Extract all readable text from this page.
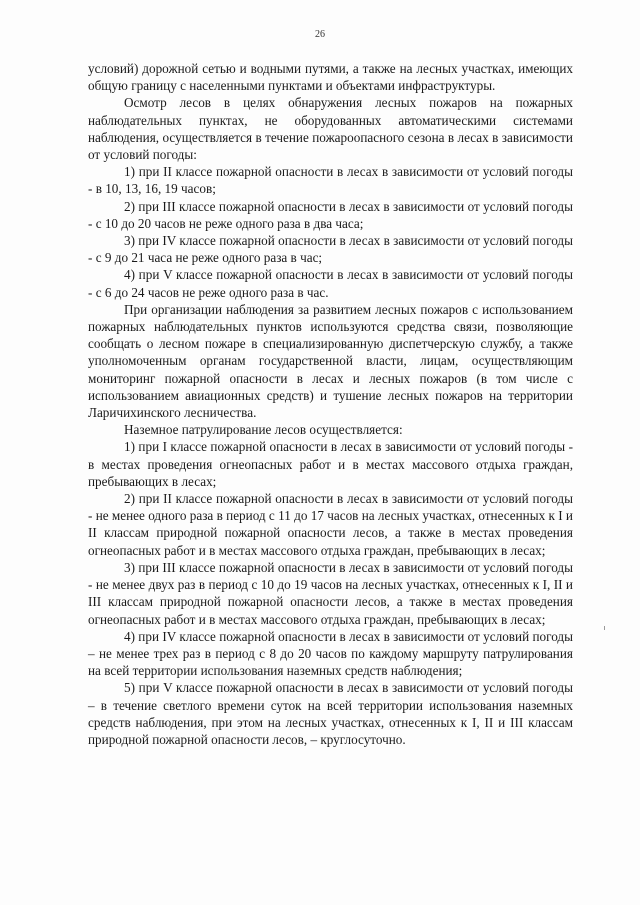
26

условий) дорожной сетью и водными путями, а также на лесных участках, имеющих общую границу с населенными пунктами и объектами инфраструктуры.

Осмотр лесов в целях обнаружения лесных пожаров на пожарных наблюдательных пунктах, не оборудованных автоматическими системами наблюдения, осуществляется в течение пожароопасного сезона в лесах в зависимости от условий погоды:

1) при II классе пожарной опасности в лесах в зависимости от условий погоды - в 10, 13, 16, 19 часов;

2) при III классе пожарной опасности в лесах в зависимости от условий погоды - с 10 до 20 часов не реже одного раза в два часа;

3) при IV классе пожарной опасности в лесах в зависимости от условий погоды - с 9 до 21 часа не реже одного раза в час;

4) при V классе пожарной опасности в лесах в зависимости от условий погоды - с 6 до 24 часов не реже одного раза в час.

При организации наблюдения за развитием лесных пожаров с использованием пожарных наблюдательных пунктов используются средства связи, позволяющие сообщать о лесном пожаре в специализированную диспетчерскую службу, а также уполномоченным органам государственной власти, лицам, осуществляющим мониторинг пожарной опасности в лесах и лесных пожаров (в том числе с использованием авиационных средств) и тушение лесных пожаров на территории Ларичихинского лесничества.

Наземное патрулирование лесов осуществляется:

1) при I классе пожарной опасности в лесах в зависимости от условий погоды - в местах проведения огнеопасных работ и в местах массового отдыха граждан, пребывающих в лесах;

2) при II классе пожарной опасности в лесах в зависимости от условий погоды - не менее одного раза в период с 11 до 17 часов на лесных участках, отнесенных к I и II классам природной пожарной опасности лесов, а также в местах проведения огнеопасных работ и в местах массового отдыха граждан, пребывающих в лесах;

3) при III классе пожарной опасности в лесах в зависимости от условий погоды - не менее двух раз в период с 10 до 19 часов на лесных участках, отнесенных к I, II и III классам природной пожарной опасности лесов, а также в местах проведения огнеопасных работ и в местах массового отдыха граждан, пребывающих в лесах;

4) при IV классе пожарной опасности в лесах в зависимости от условий погоды – не менее трех раз в период с 8 до 20 часов по каждому маршруту патрулирования на всей территории использования наземных средств наблюдения;

5) при V классе пожарной опасности в лесах в зависимости от условий погоды – в течение светлого времени суток на всей территории использования наземных средств наблюдения, при этом на лесных участках, отнесенных к I, II и III классам природной пожарной опасности лесов, – круглосуточно.
